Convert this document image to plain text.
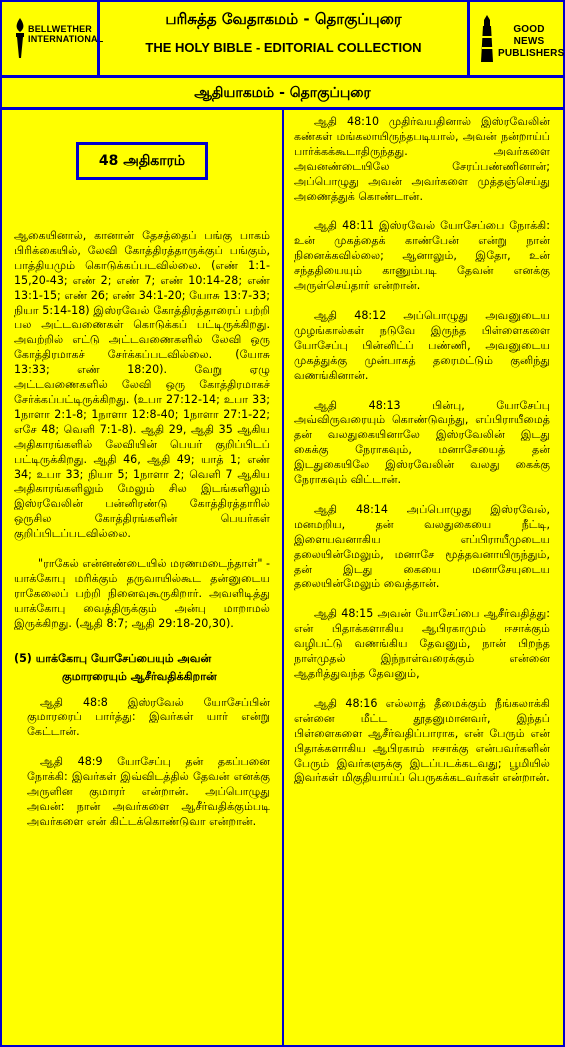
BELLWETHER
INTERNATIONAL
பரிசுத்த வேதாகமம் - தொகுப்புரை
THE HOLY BIBLE - EDITORIAL COLLECTION
GOOD NEWS
PUBLISHERS
ஆதியாகமம் - தொகுப்புரை
48 அதிகாரம்

ஆகையினால், கானான் தேசத்தைப் பங்கு பாகம் பிரிக்கையில், லேவி கோத்திரத்தாருக்குப் பங்கும், பாத்தியமும் கொடுக்கப்படவில்லை. (எண் 1:1-15,20-43; எண் 2; எண் 7; எண் 10:14-28; எண் 13:1-15; எண் 26; எண் 34:1-20; யோசு 13:7-33; நியா 5:14-18) இஸ்ரவேல் கோத்திரத்தாரைப் பற்றி பல அட்டவணைகள் கொடுக்கப் பட்டிருக்கிறது. அவற்றில் எட்டு அட்டவணைகளில் லேவி ஒரு கோத்திரமாகச் சேர்க்கப்படவில்லை. (யோசு 13:33; எண் 18:20). வேறு ஏழு அட்டவணைகளில் லேவி ஒரு கோத்திரமாகச் சேர்க்கப்பட்டிருக்கிறது. (உபா 27:12-14; உபா 33; 1நாளா 2:1-8; 1நாளா 12:8-40; 1நாளா 27:1-22; எசே 48; வெளி 7:1-8). ஆதி 29, ஆதி 35 ஆகிய அதிகாரங்களில் லேவியின் பெயர் குறிப்பிடப் பட்டிருக்கிறது. ஆதி 46, ஆதி 49; யாத் 1; எண் 34; உபா 33; நியா 5; 1நாளா 2; வெளி 7 ஆகிய அதிகாரங்களிலும் மேலும் சில இடங்களிலும் இஸ்ரவேலின் பன்னிரண்டு கோத்திரத்தாரில் ஒருசில கோத்திரங்களின் பெயர்கள் குறிப்பிடப்படவில்லை.

"ராகேல் என்னண்டையில் மரணமடைந்தாள்" - யாக்கோபு மரிக்கும் தருவாயில்கூட தன்னுடைய ராகேலைப் பற்றி நினைவுகூருகிறார். அவளிடித்து யாக்கோபு வைத்திருக்கும் அன்பு மாறாமல் இருக்கிறது. (ஆதி 8:7; ஆதி 29:18-20,30).

(5) யாக்கோபு யோசேப்பையும் அவன்
குமாரரையும் ஆசீர்வதிக்கிறான்

ஆதி 48:8 இஸ்ரவேல் யோசேப்பின் குமாரரைப் பார்த்து: இவர்கள் யார் என்று கேட்டான்.

ஆதி 48:9 யோசேப்பு தன் தகப்பனை நோக்கி: இவர்கள் இவ்விடத்தில் தேவன் எனக்கு அருளின குமாரர் என்றான். அப்பொழுது அவன்: நான் அவர்களை ஆசீர்வதிக்கும்படி அவர்களை என் கிட்டக்கொண்டுவா என்றான்.

ஆதி 48:10 முதிர்வயதினால் இஸ்ரவேலின் கண்கள் மங்கலாயிருந்தபடியால், அவன் நன்றாய்ப் பார்க்கக்கூடாதிருந்தது. அவர்களை அவனண்டையிலே சேரப்பண்ணினான்; அப்பொழுது அவன் அவர்களை முத்தஞ்செய்து அணைத்துக் கொண்டான்.

ஆதி 48:11 இஸ்ரவேல் யோசேப்பை நோக்கி: உன் முகத்தைக் காண்பேன் என்று நான் நினைக்கவில்லை; ஆனாலும், இதோ, உன் சந்ததியையும் காணும்படி தேவன் எனக்கு அருள்செய்தார் என்றான்.

ஆதி 48:12 அப்பொழுது அவனுடைய முழங்கால்கள் நடுவே இருந்த பிள்ளைகளை யோசேப்பு பின்னிட்ப் பண்ணி, அவனுடைய முகத்துக்கு முன்பாகத் தரைமட்டும் குனிந்து வணங்கினான்.

ஆதி 48:13 பின்பு, யோசேப்பு அவ்விருவரையும் கொண்டுவந்து, எப்பிராயீமைத் தன் வலதுகையினாலே இஸ்ரவேலின் இடது கைக்கு நேராகவும், மனாசேயைத் தன் இடதுகையிலே இஸ்ரவேலின் வலது கைக்கு நேராகவும் விட்டான்.

ஆதி 48:14 அப்பொழுது இஸ்ரவேல், மனமறிய, தன் வலதுகையை நீட்டி, இளையவனாகிய எப்பிராயீமுடைய தலையின்மேலும், மனாசே மூத்தவனாயிருந்தும், தன் இடது கையை மனாசேயுடைய தலையின்மேலும் வைத்தான்.

ஆதி 48:15 அவன் யோசேப்பை ஆசீர்வதித்து: என் பிதாக்களாகிய ஆபிரகாமும் ஈசாக்கும் வழிபட்டு வணங்கிய தேவனும், நான் பிறந்த நாள்முதல் இந்நாள்வரைக்கும் என்னை ஆதரித்துவந்த தேவனும்,

ஆதி 48:16 எல்லாத் தீமைக்கும் நீங்கலாக்கி என்னை மீட்ட தூதனுமானவர், இந்தப் பிள்ளைகளை ஆசீர்வதிப்பாராக, என் பேரும் என் பிதாக்களாகிய ஆபிரகாம் ஈசாக்கு என்பவர்களின் பேரும் இவர்களுக்கு இடப்படக்கடவது; பூமியில் இவர்கள் மிகுதியாய்ப் பெருகக்கடவர்கள் என்றான்.
